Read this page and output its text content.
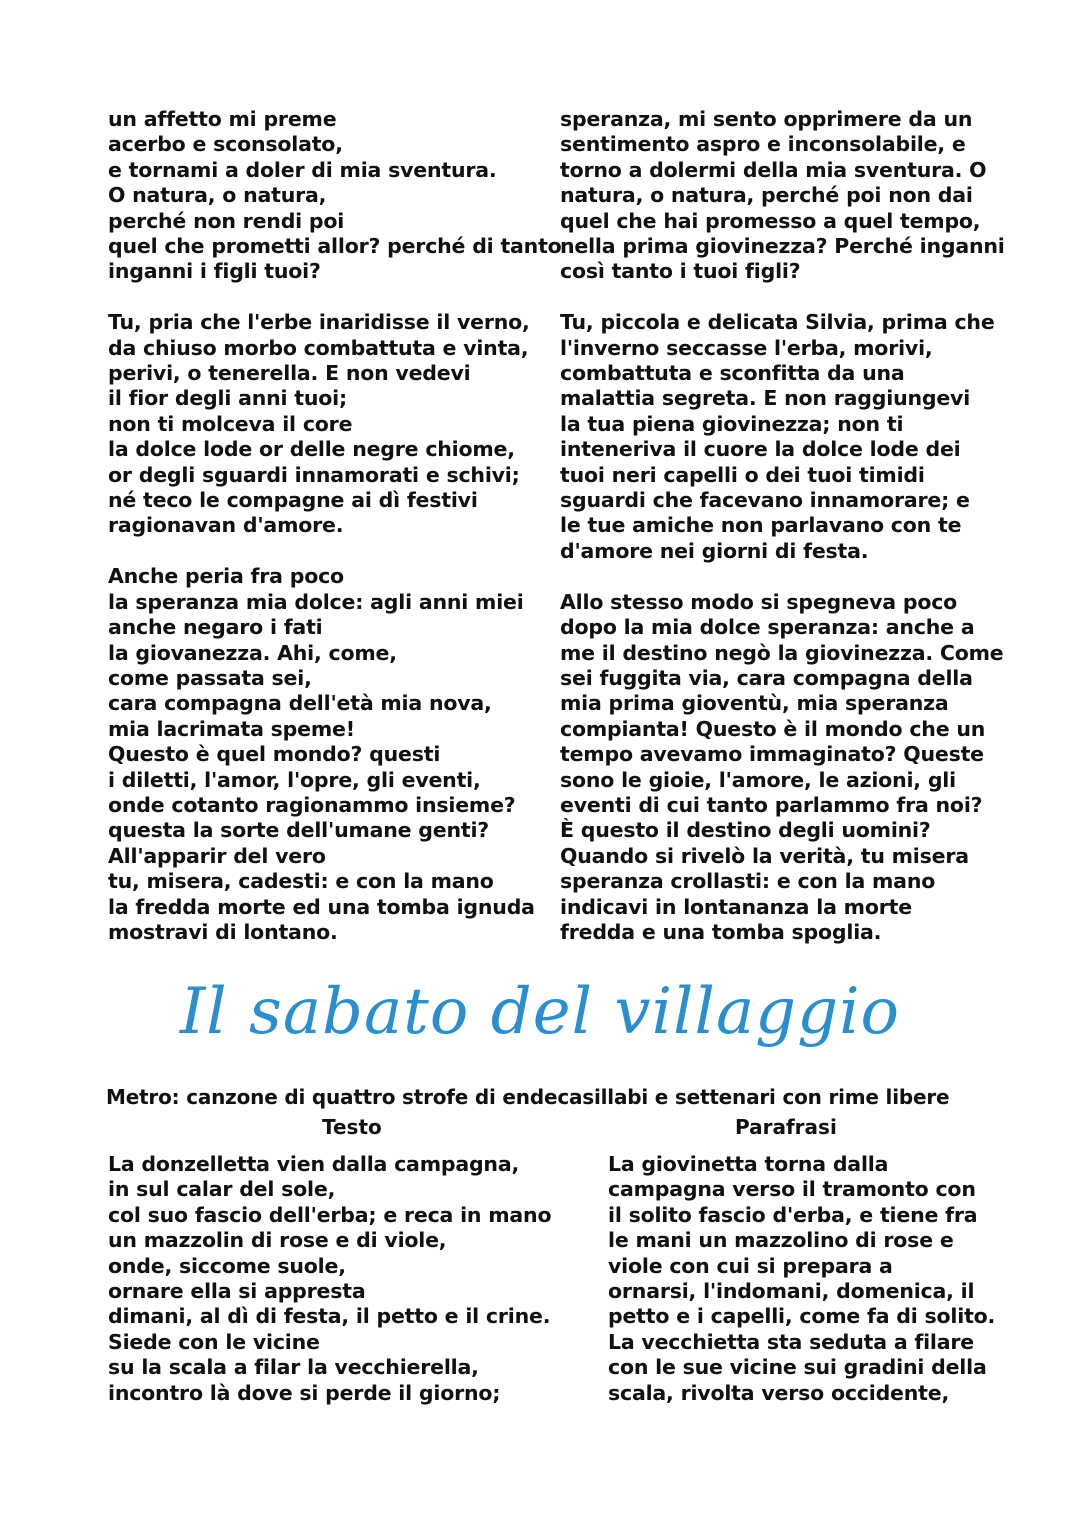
un affetto mi preme
acerbo e sconsolato,
e tornami a doler di mia sventura.
O natura, o natura,
perché non rendi poi
quel che prometti allor? perché di tanto
inganni i figli tuoi?
Tu, pria che l'erbe inaridisse il verno,
da chiuso morbo combattuta e vinta,
perivi, o tenerella. E non vedevi
il fior degli anni tuoi;
non ti molceva il core
la dolce lode or delle negre chiome,
or degli sguardi innamorati e schivi;
né teco le compagne ai dì festivi
ragionavan d'amore.
Anche peria fra poco
la speranza mia dolce: agli anni miei
anche negaro i fati
la giovanezza. Ahi, come,
come passata sei,
cara compagna dell'età mia nova,
mia lacrimata speme!
Questo è quel mondo? questi
i diletti, l'amor, l'opre, gli eventi,
onde cotanto ragionammo insieme?
questa la sorte dell'umane genti?
All'apparir del vero
tu, misera, cadesti: e con la mano
la fredda morte ed una tomba ignuda
mostravi di lontano.
speranza, mi sento opprimere da un
sentimento aspro e inconsolabile, e
torno a dolermi della mia sventura. O
natura, o natura, perché poi non dai
quel che hai promesso a quel tempo,
nella prima giovinezza? Perché inganni
così tanto i tuoi figli?
Tu, piccola e delicata Silvia, prima che
l'inverno seccasse l'erba, morivi,
combattuta e sconfitta da una
malattia segreta. E non raggiungevi
la tua piena giovinezza; non ti
inteneriva il cuore la dolce lode dei
tuoi neri capelli o dei tuoi timidi
sguardi che facevano innamorare; e
le tue amiche non parlavano con te
d'amore nei giorni di festa.
Allo stesso modo si spegneva poco
dopo la mia dolce speranza: anche a
me il destino negò la giovinezza. Come
sei fuggita via, cara compagna della
mia prima gioventù, mia speranza
compianta! Questo è il mondo che un
tempo avevamo immaginato? Queste
sono le gioie, l'amore, le azioni, gli
eventi di cui tanto parlammo fra noi?
È questo il destino degli uomini?
Quando si rivelò la verità, tu misera
speranza crollasti: e con la mano
indicavi in lontananza la morte
fredda e una tomba spoglia.
Il sabato del villaggio
Metro: canzone di quattro strofe di endecasillabi e settenari con rime libere
Testo	Parafrasi
La donzelletta vien dalla campagna,
in sul calar del sole,
col suo fascio dell'erba; e reca in mano
un mazzolin di rose e di viole,
onde, siccome suole,
ornare ella si appresta
dimani, al dì di festa, il petto e il crine.
Siede con le vicine
su la scala a filar la vecchierella,
incontro là dove si perde il giorno;
La giovinetta torna dalla
campagna verso il tramonto con
il solito fascio d'erba, e tiene fra
le mani un mazzolino di rose e
viole con cui si prepara a
ornarsi, l'indomani, domenica, il
petto e i capelli, come fa di solito.
La vecchietta sta seduta a filare
con le sue vicine sui gradini della
scala, rivolta verso occidente,
